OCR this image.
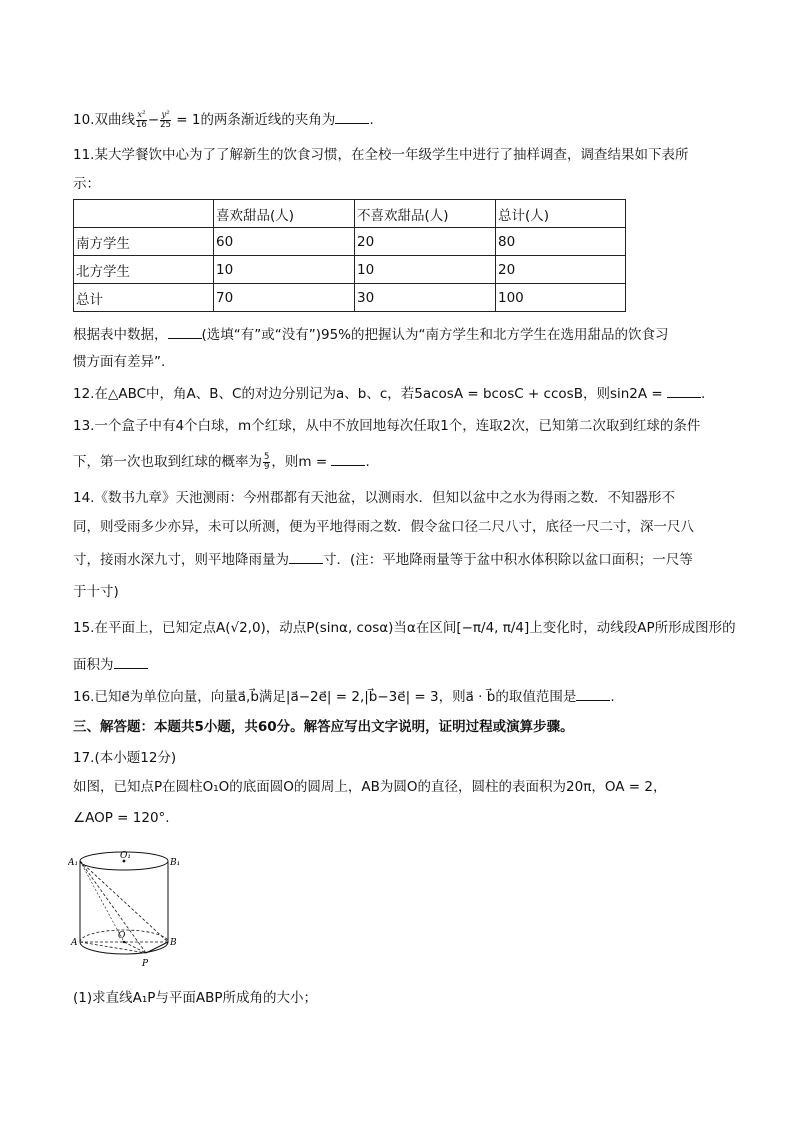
10.双曲线 $\frac{\text{x²}}{16} - \frac{\text{y²}}{25} = 1$的两条渐近线的夹角为	.
11.某大学餐饮中心为了了解新生的饮食习惯，在全校一年级学生中进行了抽样调查，调查结果如下表所
示：
	喜欢甜品(人)	不喜欢甜品(人)	总计(人)
南方学生	60	20	80
北方学生	10	10	20
总计	70	30	100
根据表中数据，	(选填“有”或“没有”)95%的把握认为“南方学生和北方学生在选用甜品的饮食习
惯方面有差异”.
12.在△ABC中，角A、B、C的对边分别记为a、b、c，若5acosA = bcosC + ccosB，则sin2A =	.
13.一个盒子中有4个白球，m个红球，从中不放回地每次任取1个，连取2次，已知第二次取到红球的条件
下，第一次也取到红球的概率为 $\frac{5}{9}$ ，则m =	.
14.《数书九章》天池测雨：今州郡都有天池盆，以测雨水．但知以盆中之水为得雨之数．不知器形不
同，则受雨多少亦异，未可以所测，便为平地得雨之数．假令盆口径二尺八寸，底径一尺二寸，深一尺八
寸，接雨水深九寸，则平地降雨量为	寸．(注：平地降雨量等于盆中积水体积除以盆口面积；一尺等
于十寸)
15.在平面上，已知定点A(√2,0)，动点P(sinα, cosα)当α在区间[−π/4, π/4]上变化时，动线段AP所形成图形的
面积为
16.已知e⃗为单位向量，向量a⃗,b⃗满足|a⃗−2e⃗| = 2,|b⃗−3e⃗| = 3，则a⃗ · b⃗的取值范围是	.
三、解答题：本题共5小题，共60分。解答应写出文字说明，证明过程或演算步骤。
17.(本小题12分)
如图，已知点P在圆柱O₁O的底面圆O的圆周上，AB为圆O的直径，圆柱的表面积为20π，OA = 2，
∠AOP = 120°.
A₁
O₁
B₁
A
O
B
P
(1)求直线A₁P与平面ABP所成角的大小；
